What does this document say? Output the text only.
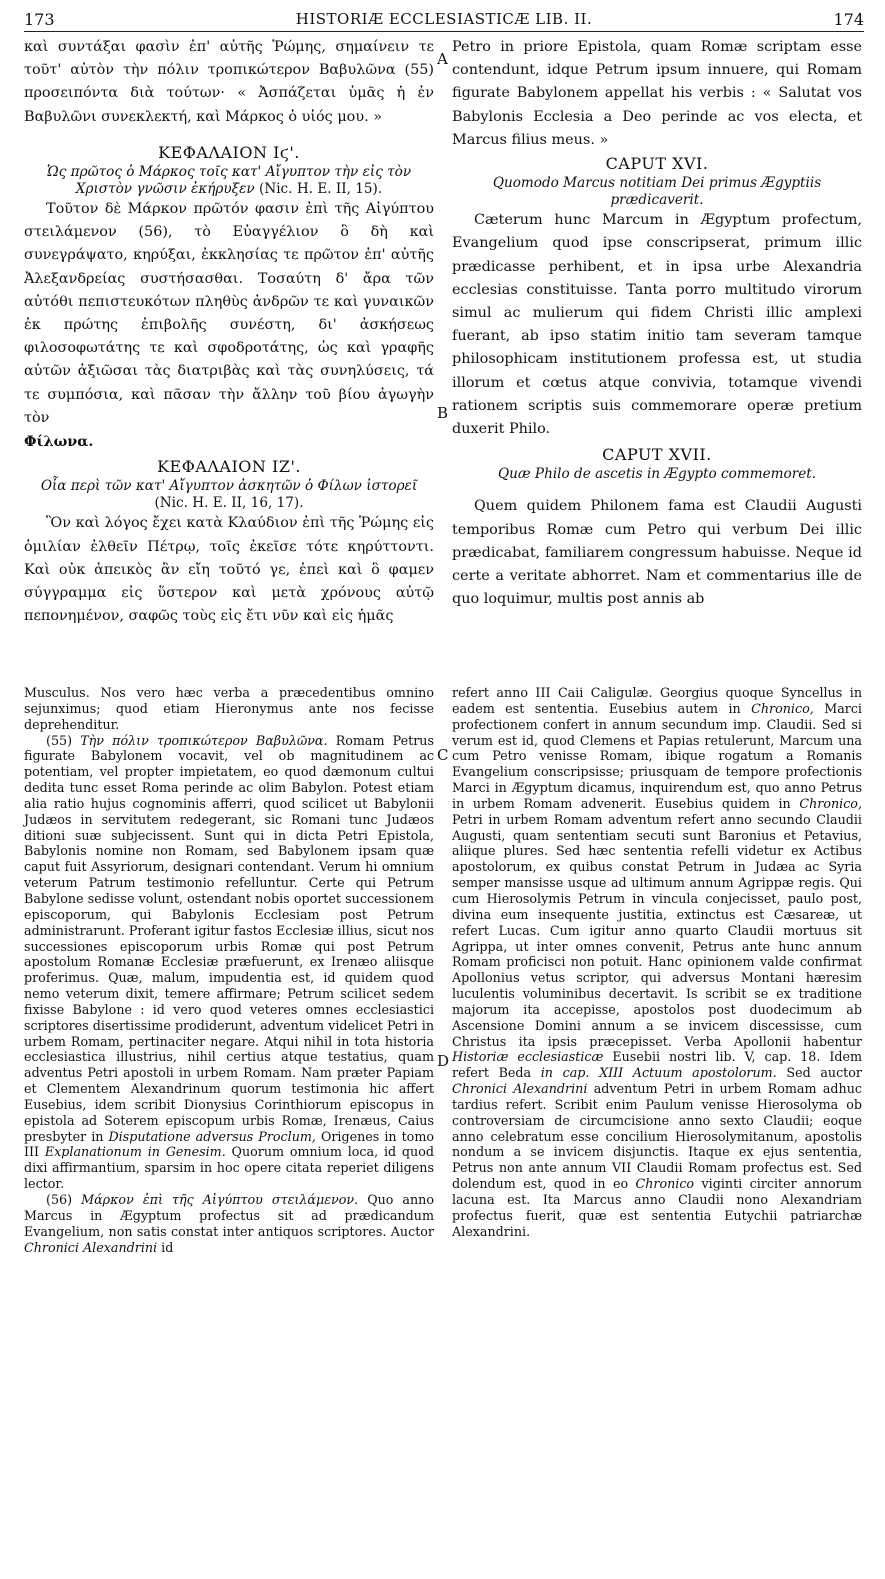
173	HISTORIÆ ECCLESIASTICÆ LIB. II.	174

καὶ συντάξαι φασὶν ἐπ' αὐτῆς Ῥώμης, σημαίνειν τε τοῦτ' αὐτὸν τὴν πόλιν τροπικώτερον Βαβυλῶνα (55) προσειπόντα διὰ τούτων· « Ἀσπάζεται ὑμᾶς ἡ ἐν Βαβυλῶνι συνεκλεκτή, καὶ Μάρκος ὁ υἱός μου. »

ΚΕΦΑΛΑΙΟΝ Ιϛ'.
Ὡς πρῶτος ὁ Μάρκος τοῖς κατ' Αἴγυπτον τὴν εἰς τὸν Χριστὸν γνῶσιν ἐκήρυξεν (Nic. H. E. II, 15).

Τοῦτον δὲ Μάρκον πρῶτόν φασιν ἐπὶ τῆς Αἰγύπτου στειλάμενον (56), τὸ Εὐαγγέλιον ὃ δὴ καὶ συνεγράψατο, κηρύξαι, ἐκκλησίας τε πρῶτον ἐπ' αὐτῆς Ἀλεξανδρείας συστήσασθαι. Τοσαύτη δ' ἄρα τῶν αὐτόθι πεπιστευκότων πληθὺς ἀνδρῶν τε καὶ γυναικῶν ἐκ πρώτης ἐπιβολῆς συνέστη, δι' ἀσκήσεως φιλοσοφωτάτης τε καὶ σφοδροτάτης, ὡς καὶ γραφῆς αὐτῶν ἀξιῶσαι τὰς διατριβὰς καὶ τὰς συνηλύσεις, τά τε συμπόσια, καὶ πᾶσαν τὴν ἄλλην τοῦ βίου ἀγωγὴν τὸν

Φίλωνα.

ΚΕΦΑΛΑΙΟΝ ΙΖ'.
Οἷα περὶ τῶν κατ' Αἴγυπτον ἀσκητῶν ὁ Φίλων ἱστορεῖ (Nic. H. E. II, 16, 17).

Ὃν καὶ λόγος ἔχει κατὰ Κλαύδιον ἐπὶ τῆς Ῥώμης εἰς ὁμιλίαν ἐλθεῖν Πέτρῳ, τοῖς ἐκεῖσε τότε κηρύττοντι. Καὶ οὐκ ἀπεικὸς ἂν εἴη τοῦτό γε, ἐπεὶ καὶ ὃ φαμεν σύγγραμμα εἰς ὕστερον καὶ μετὰ χρόνους αὐτῷ πεπονημένον, σαφῶς τοὺς εἰς ἔτι νῦν καὶ εἰς ἡμᾶς

A
B
C
D

Petro in priore Epistola, quam Romæ scriptam esse contendunt, idque Petrum ipsum innuere, qui Romam figurate Babylonem appellat his verbis : « Salutat vos Babylonis Ecclesia a Deo perinde ac vos electa, et Marcus filius meus. »

CAPUT XVI.
Quomodo Marcus notitiam Dei primus Ægyptiis prædicaverit.

Cæterum hunc Marcum in Ægyptum profectum, Evangelium quod ipse conscripserat, primum illic prædicasse perhibent, et in ipsa urbe Alexandria ecclesias constituisse. Tanta porro multitudo virorum simul ac mulierum qui fidem Christi illic amplexi fuerant, ab ipso statim initio tam severam tamque philosophicam institutionem professa est, ut studia illorum et cœtus atque convivia, totamque vivendi rationem scriptis suis commemorare operæ pretium duxerit Philo.

CAPUT XVII.
Quæ Philo de ascetis in Ægypto commemoret.

Quem quidem Philonem fama est Claudii Augusti temporibus Romæ cum Petro qui verbum Dei illic prædicabat, familiarem congressum habuisse. Neque id certe a veritate abhorret. Nam et commentarius ille de quo loquimur, multis post annis ab

Musculus. Nos vero hæc verba a præcedentibus omnino sejunximus; quod etiam Hieronymus ante nos fecisse deprehenditur.

(55) Τὴν πόλιν τροπικώτερον Βαβυλῶνα. Romam Petrus figurate Babylonem vocavit, vel ob magnitudinem ac potentiam, vel propter impietatem, eo quod dæmonum cultui dedita tunc esset Roma perinde ac olim Babylon. Potest etiam alia ratio hujus cognominis afferri, quod scilicet ut Babylonii Judæos in servitutem redegerant, sic Romani tunc Judæos ditioni suæ subjecissent. Sunt qui in dicta Petri Epistola, Babylonis nomine non Romam, sed Babylonem ipsam quæ caput fuit Assyriorum, designari contendant. Verum hi omnium veterum Patrum testimonio refelluntur. Certe qui Petrum Babylone sedisse volunt, ostendant nobis oportet successionem episcoporum, qui Babylonis Ecclesiam post Petrum administrarunt. Proferant igitur fastos Ecclesiæ illius, sicut nos successiones episcoporum urbis Romæ qui post Petrum apostolum Romanæ Ecclesiæ præfuerunt, ex Irenæo aliisque proferimus. Quæ, malum, impudentia est, id quidem quod nemo veterum dixit, temere affirmare; Petrum scilicet sedem fixisse Babylone : id vero quod veteres omnes ecclesiastici scriptores disertissime prodiderunt, adventum videlicet Petri in urbem Romam, pertinaciter negare. Atqui nihil in tota historia ecclesiastica illustrius, nihil certius atque testatius, quam adventus Petri apostoli in urbem Romam. Nam præter Papiam et Clementem Alexandrinum quorum testimonia hic affert Eusebius, idem scribit Dionysius Corinthiorum episcopus in epistola ad Soterem episcopum urbis Romæ, Irenæus, Caius presbyter in Disputatione adversus Proclum, Origenes in tomo III Explanationum in Genesim. Quorum omnium loca, id quod dixi affirmantium, sparsim in hoc opere citata reperiet diligens lector.

(56) Μάρκον ἐπὶ τῆς Αἰγύπτου στειλάμενον. Quo anno Marcus in Ægyptum profectus sit ad prædicandum Evangelium, non satis constat inter antiquos scriptores. Auctor Chronici Alexandrini id

refert anno III Caii Caligulæ. Georgius quoque Syncellus in eadem est sententia. Eusebius autem in Chronico, Marci profectionem confert in annum secundum imp. Claudii. Sed si verum est id, quod Clemens et Papias retulerunt, Marcum una cum Petro venisse Romam, ibique rogatum a Romanis Evangelium conscripsisse; priusquam de tempore profectionis Marci in Ægyptum dicamus, inquirendum est, quo anno Petrus in urbem Romam advenerit. Eusebius quidem in Chronico, Petri in urbem Romam adventum refert anno secundo Claudii Augusti, quam sententiam secuti sunt Baronius et Petavius, aliique plures. Sed hæc sententia refelli videtur ex Actibus apostolorum, ex quibus constat Petrum in Judæa ac Syria semper mansisse usque ad ultimum annum Agrippæ regis. Qui cum Hierosolymis Petrum in vincula conjecisset, paulo post, divina eum insequente justitia, extinctus est Cæsareæ, ut refert Lucas. Cum igitur anno quarto Claudii mortuus sit Agrippa, ut inter omnes convenit, Petrus ante hunc annum Romam proficisci non potuit. Hanc opinionem valde confirmat Apollonius vetus scriptor, qui adversus Montani hæresim luculentis voluminibus decertavit. Is scribit se ex traditione majorum ita accepisse, apostolos post duodecimum ab Ascensione Domini annum a se invicem discessisse, cum Christus ita ipsis præcepisset. Verba Apollonii habentur Historiæ ecclesiasticæ Eusebii nostri lib. V, cap. 18. Idem refert Beda in cap. XIII Actuum apostolorum. Sed auctor Chronici Alexandrini adventum Petri in urbem Romam adhuc tardius refert. Scribit enim Paulum venisse Hierosolyma ob controversiam de circumcisione anno sexto Claudii; eoque anno celebratum esse concilium Hierosolymitanum, apostolis nondum a se invicem disjunctis. Itaque ex ejus sententia, Petrus non ante annum VII Claudii Romam profectus est. Sed dolendum est, quod in eo Chronico viginti circiter annorum lacuna est. Ita Marcus anno Claudii nono Alexandriam profectus fuerit, quæ est sententia Eutychii patriarchæ Alexandrini.
